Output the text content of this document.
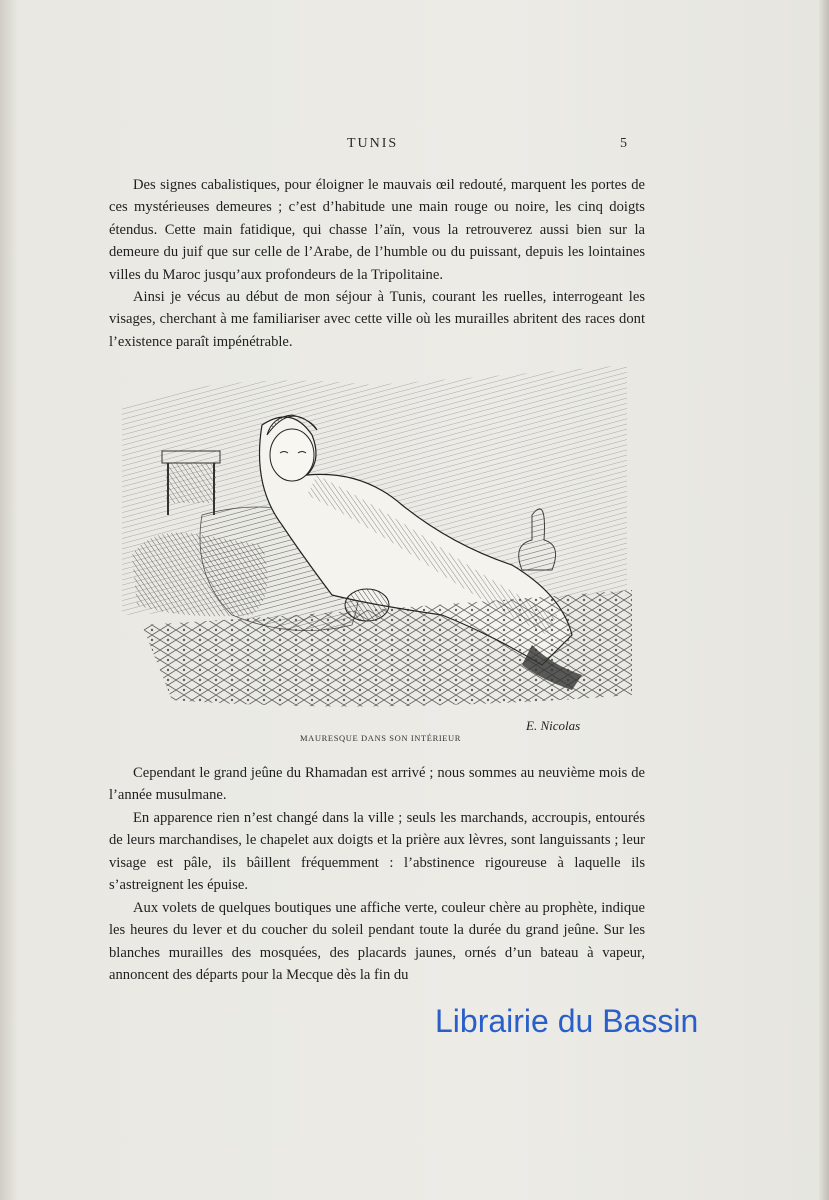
TUNIS	5

Des signes cabalistiques, pour éloigner le mauvais œil redouté, marquent les portes de ces mystérieuses demeures ; c’est d’habitude une main rouge ou noire, les cinq doigts étendus. Cette main fatidique, qui chasse l’aïn, vous la retrouverez aussi bien sur la demeure du juif que sur celle de l’Arabe, de l’humble ou du puissant, depuis les lointaines villes du Maroc jusqu’aux profondeurs de la Tripolitaine.

Ainsi je vécus au début de mon séjour à Tunis, courant les ruelles, interrogeant les visages, cherchant à me familiariser avec cette ville où les murailles abritent des races dont l’existence paraît impénétrable.

MAURESQUE DANS SON INTÉRIEUR
E. Nicolas

Cependant le grand jeûne du Rhamadan est arrivé ; nous sommes au neuvième mois de l’année musulmane.

En apparence rien n’est changé dans la ville ; seuls les marchands, accroupis, entourés de leurs marchandises, le chapelet aux doigts et la prière aux lèvres, sont languissants ; leur visage est pâle, ils bâillent fréquemment : l’abstinence rigoureuse à laquelle ils s’astreignent les épuise.

Aux volets de quelques boutiques une affiche verte, couleur chère au prophète, indique les heures du lever et du coucher du soleil pendant toute la durée du grand jeûne. Sur les blanches murailles des mosquées, des placards jaunes, ornés d’un bateau à vapeur, annoncent des départs pour la Mecque dès la fin du

Librairie du Bassin
